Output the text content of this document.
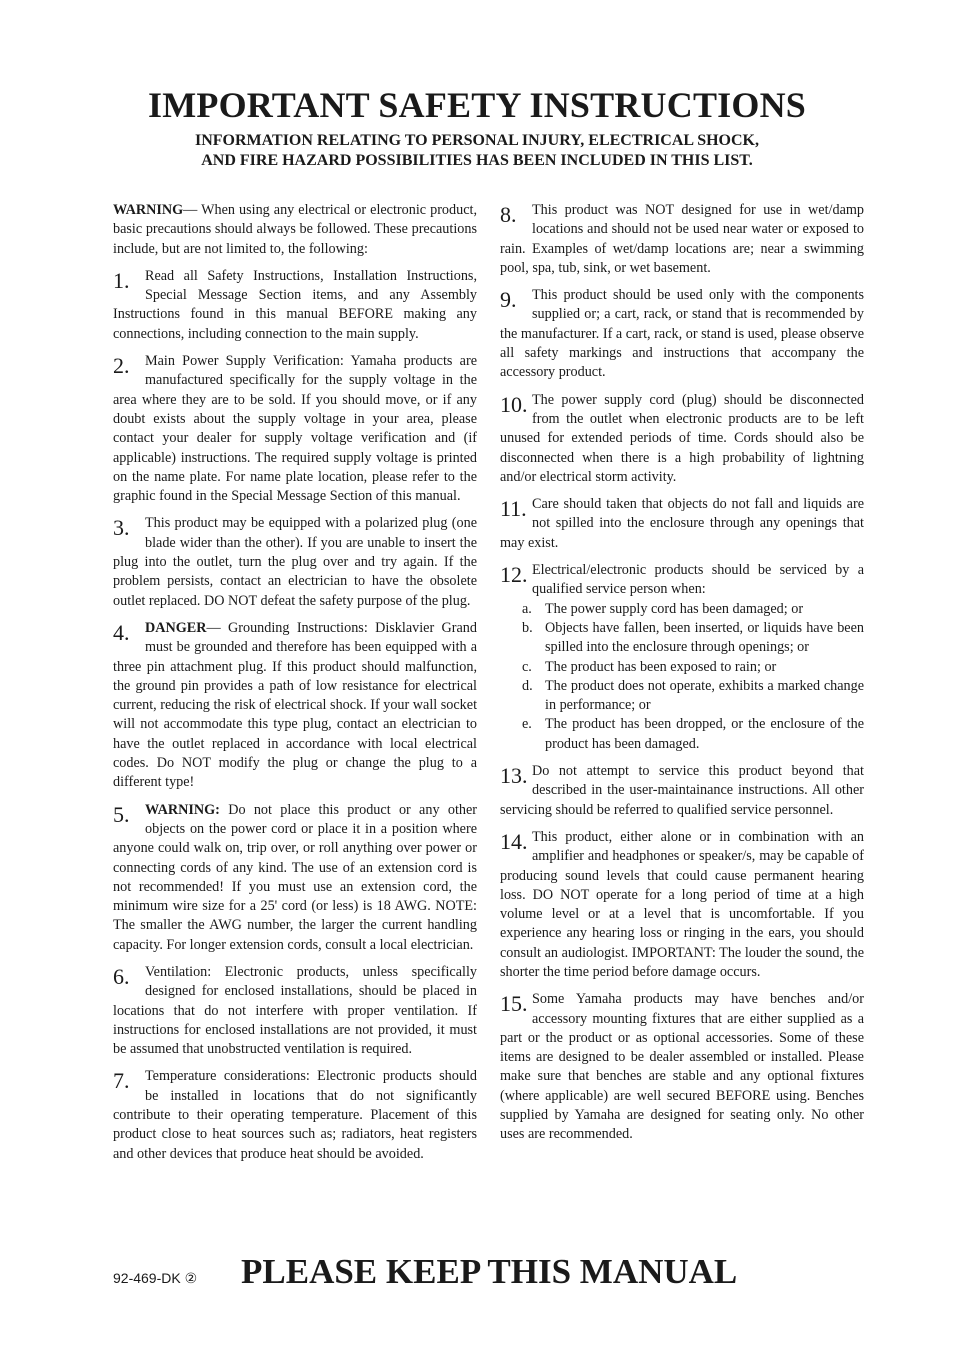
IMPORTANT SAFETY INSTRUCTIONS
INFORMATION RELATING TO PERSONAL INJURY, ELECTRICAL SHOCK,
AND FIRE HAZARD POSSIBILITIES HAS BEEN INCLUDED IN THIS LIST.

WARNING— When using any electrical or electronic product, basic precautions should always be followed. These precautions include, but are not limited to, the following:

1.	Read all Safety Instructions, Installation Instructions, Special Message Section items, and any Assembly Instructions found in this manual BEFORE making any connections, including connection to the main supply.

2.	Main Power Supply Verification: Yamaha products are manufactured specifically for the supply voltage in the area where they are to be sold. If you should move, or if any doubt exists about the supply voltage in your area, please contact your dealer for supply voltage verification and (if applicable) instructions. The required supply voltage is printed on the name plate. For name plate location, please refer to the graphic found in the Special Message Section of this manual.

3.	This product may be equipped with a polarized plug (one blade wider than the other). If you are unable to insert the plug into the outlet, turn the plug over and try again. If the problem persists, contact an electrician to have the obsolete outlet replaced. DO NOT defeat the safety purpose of the plug.

4.	DANGER— Grounding Instructions: Disklavier Grand must be grounded and therefore has been equipped with a three pin attachment plug. If this product should malfunction, the ground pin provides a path of low resistance for electrical current, reducing the risk of electrical shock. If your wall socket will not accommodate this type plug, contact an electrician to have the outlet replaced in accordance with local electrical codes. Do NOT modify the plug or change the plug to a different type!

5.	WARNING: Do not place this product or any other objects on the power cord or place it in a position where anyone could walk on, trip over, or roll anything over power or connecting cords of any kind. The use of an extension cord is not recommended! If you must use an extension cord, the minimum wire size for a 25' cord (or less) is 18 AWG. NOTE: The smaller the AWG number, the larger the current handling capacity. For longer extension cords, consult a local electrician.

6.	Ventilation: Electronic products, unless specifically designed for enclosed installations, should be placed in locations that do not interfere with proper ventilation. If instructions for enclosed installations are not provided, it must be assumed that unobstructed ventilation is required.

7.	Temperature considerations: Electronic products should be installed in locations that do not significantly contribute to their operating temperature. Placement of this product close to heat sources such as; radiators, heat registers and other devices that produce heat should be avoided.

8.	This product was NOT designed for use in wet/damp locations and should not be used near water or exposed to rain. Examples of wet/damp locations are; near a swimming pool, spa, tub, sink, or wet basement.

9.	This product should be used only with the components supplied or; a cart, rack, or stand that is recommended by the manufacturer. If a cart, rack, or stand is used, please observe all safety markings and instructions that accompany the accessory product.

10. The power supply cord (plug) should be disconnected from the outlet when electronic products are to be left unused for extended periods of time. Cords should also be disconnected when there is a high probability of lightning and/or electrical storm activity.

11. Care should taken that objects do not fall and liquids are not spilled into the enclosure through any openings that may exist.

12. Electrical/electronic products should be serviced by a qualified service person when:

a. The power supply cord has been damaged; or
b. Objects have fallen, been inserted, or liquids have been spilled into the enclosure through openings; or
c. The product has been exposed to rain; or
d. The product does not operate, exhibits a marked change in performance; or
e. The product has been dropped, or the enclosure of the product has been damaged.
13. Do not attempt to service this product beyond that described in the user-maintainance instructions. All other servicing should be referred to qualified service personnel.

14. This product, either alone or in combination with an amplifier and headphones or speaker/s, may be capable of producing sound levels that could cause permanent hearing loss. DO NOT operate for a long period of time at a high volume level or at a level that is uncomfortable. If you experience any hearing loss or ringing in the ears, you should consult an audiologist. IMPORTANT: The louder the sound, the shorter the time period before damage occurs.

15. Some Yamaha products may have benches and/or accessory mounting fixtures that are either supplied as a part or the product or as optional accessories. Some of these items are designed to be dealer assembled or installed. Please make sure that benches are stable and any optional fixtures (where applicable) are well secured BEFORE using. Benches supplied by Yamaha are designed for seating only. No other uses are recommended.

92-469-DK ② PLEASE KEEP THIS MANUAL
